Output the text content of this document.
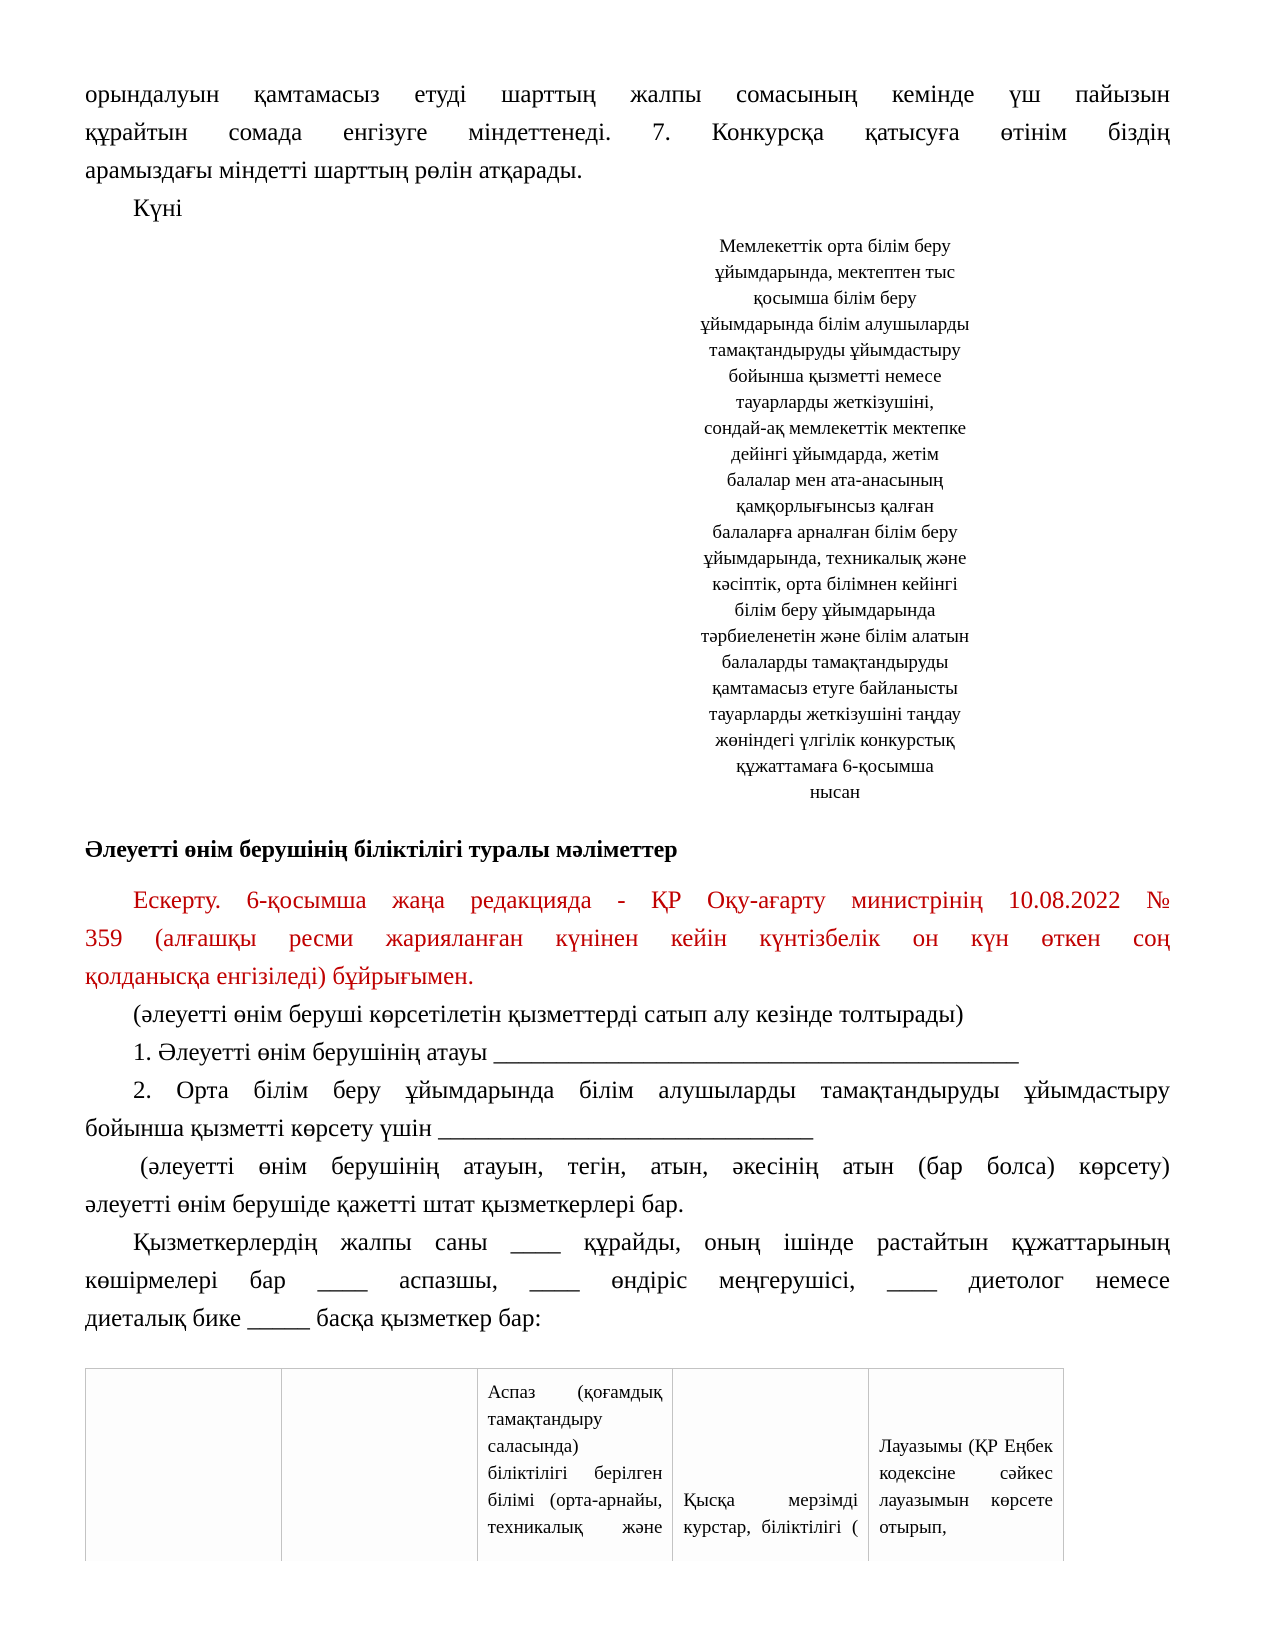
орындалуын қамтамасыз етуді шарттың жалпы сомасының кемінде үш пайызын
құрайтын сомада енгізуге міндеттенеді. 7. Конкурсқа қатысуға өтінім біздің
арамыздағы міндетті шарттың рөлін атқарады.
Күні
Мемлекеттік орта білім беру
ұйымдарында, мектептен тыс
қосымша білім беру
ұйымдарында білім алушыларды
тамақтандыруды ұйымдастыру
бойынша қызметті немесе
тауарларды жеткізушіні,
сондай-ақ мемлекеттік мектепке
дейінгі ұйымдарда, жетім
балалар мен ата-анасының
қамқорлығынсыз қалған
балаларға арналған білім беру
ұйымдарында, техникалық және
кәсіптік, орта білімнен кейінгі
білім беру ұйымдарында
тәрбиеленетін және білім алатын
балаларды тамақтандыруды
қамтамасыз етуге байланысты
тауарларды жеткізушіні таңдау
жөніндегі үлгілік конкурстық
құжаттамаға 6-қосымша
нысан
Әлеуетті өнім берушінің біліктілігі туралы мәліметтер
Ескерту. 6-қосымша жаңа редакцияда - ҚР Оқу-ағарту министрінің 10.08.2022 №
359 (алғашқы ресми жарияланған күнінен кейін күнтізбелік он күн өткен соң
қолданысқа енгізіледі) бұйрығымен.
(әлеуетті өнім беруші көрсетілетін қызметтерді сатып алу кезінде толтырады)
1. Әлеуетті өнім берушінің атауы __________________________________________
2. Орта білім беру ұйымдарында білім алушыларды тамақтандыруды ұйымдастыру
бойынша қызметті көрсету үшін ______________________________
(әлеуетті өнім берушінің атауын, тегін, атын, әкесінің атын (бар болса) көрсету)
әлеуетті өнім берушіде қажетті штат қызметкерлері бар.
Қызметкерлердің жалпы саны ____ құрайды, оның ішінде растайтын құжаттарының
көшірмелері бар ____ аспазшы, ____ өндіріс меңгерушісі, ____ диетолог немесе
диеталық бике _____ басқа қызметкер бар:
Аспаз (қоғамдық тамақтандыру саласында) біліктілігі берілген білімі (орта-арнайы, техникалық және
Қысқа мерзімді курстар, біліктілігі (
Лауазымы (ҚР Еңбек кодексіне сәйкес лауазымын көрсете отырып,
